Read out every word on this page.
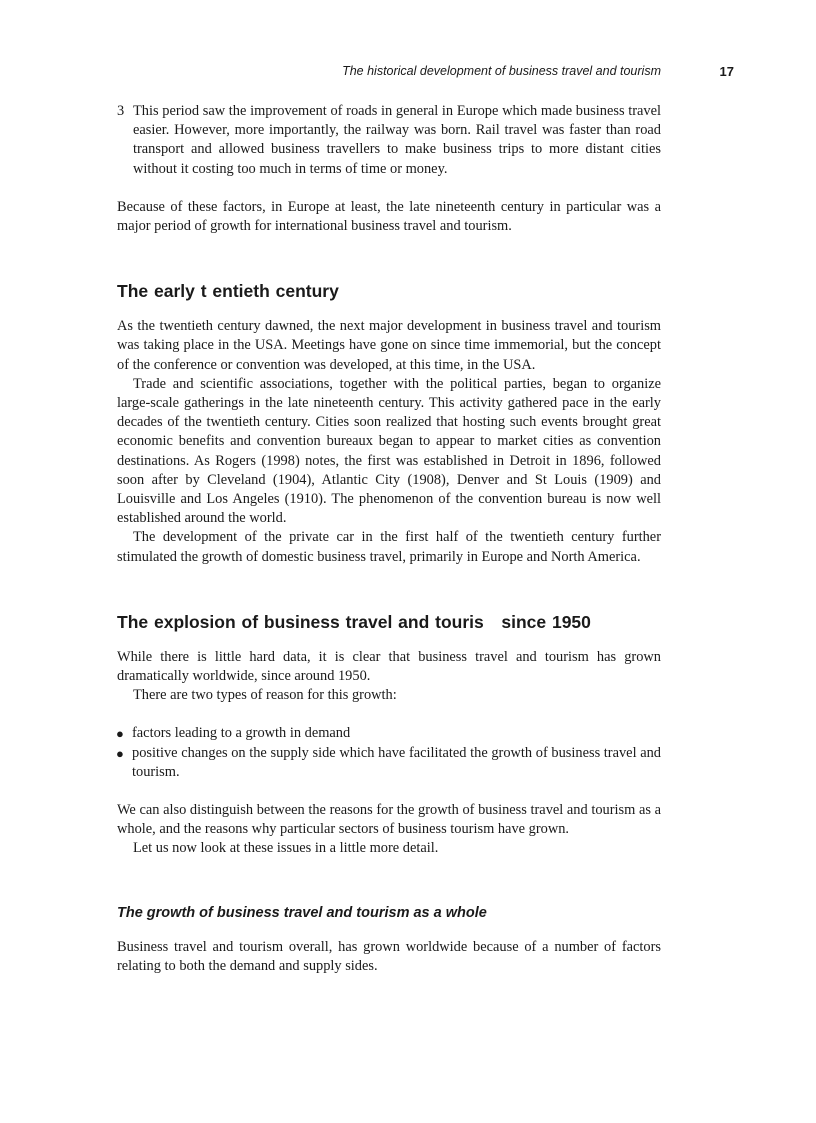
The historical development of business travel and tourism	17
3 This period saw the improvement of roads in general in Europe which made business travel easier. However, more importantly, the railway was born. Rail travel was faster than road transport and allowed business travellers to make business trips to more distant cities without it costing too much in terms of time or money.

Because of these factors, in Europe at least, the late nineteenth century in particular was a major period of growth for international business travel and tourism.

The early t entieth century

As the twentieth century dawned, the next major development in business travel and tourism was taking place in the USA. Meetings have gone on since time immemorial, but the concept of the conference or convention was developed, at this time, in the USA.

Trade and scientific associations, together with the political parties, began to organize large-scale gatherings in the late nineteenth century. This activity gathered pace in the early decades of the twentieth century. Cities soon realized that hosting such events brought great economic benefits and convention bureaux began to appear to market cities as convention destinations. As Rogers (1998) notes, the first was established in Detroit in 1896, followed soon after by Cleveland (1904), Atlantic City (1908), Denver and St Louis (1909) and Louisville and Los Angeles (1910). The phenomenon of the convention bureau is now well established around the world.

The development of the private car in the first half of the twentieth century further stimulated the growth of domestic business travel, primarily in Europe and North America.

The explosion of business travel and touris   since 1950

While there is little hard data, it is clear that business travel and tourism has grown dramatically worldwide, since around 1950.

There are two types of reason for this growth:

● factors leading to a growth in demand
● positive changes on the supply side which have facilitated the growth of business travel and tourism.

We can also distinguish between the reasons for the growth of business travel and tourism as a whole, and the reasons why particular sectors of business tourism have grown.

Let us now look at these issues in a little more detail.

The growth of business travel and tourism as a whole

Business travel and tourism overall, has grown worldwide because of a number of factors relating to both the demand and supply sides.
